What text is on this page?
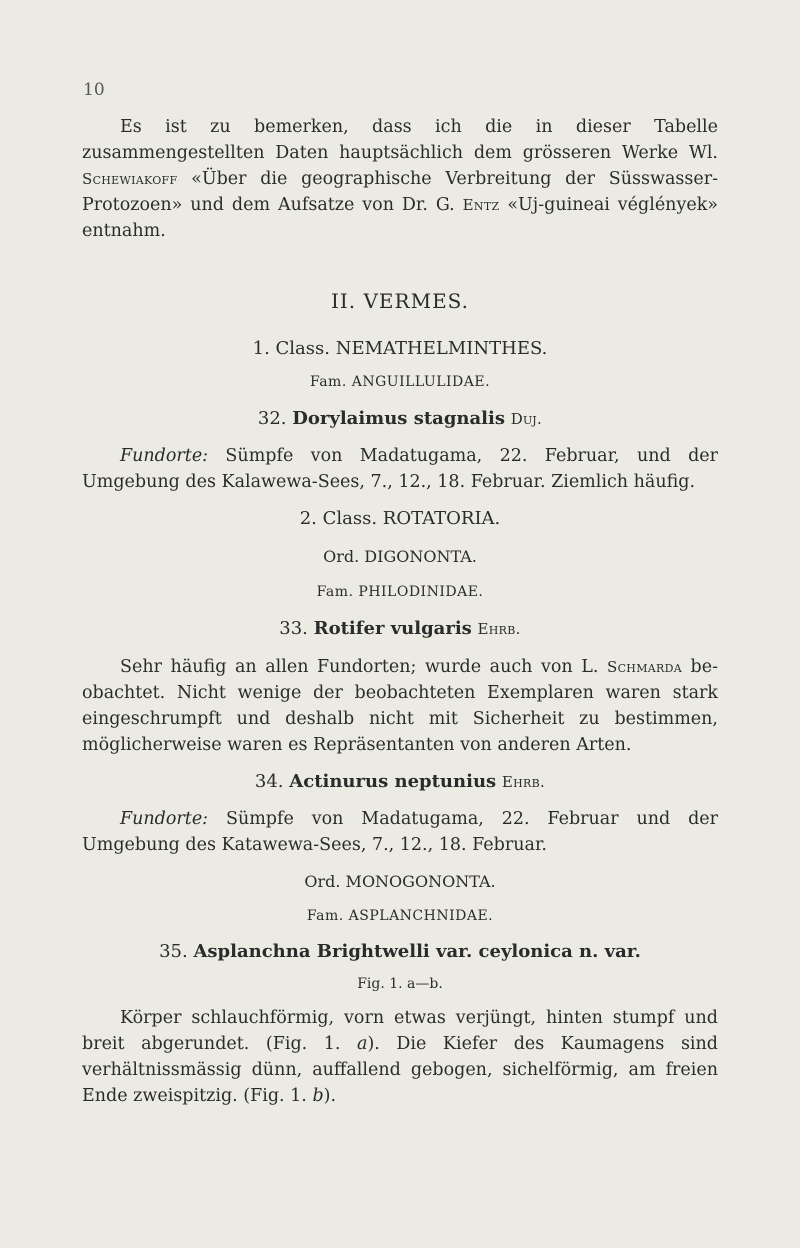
10

Es ist zu bemerken, dass ich die in dieser Tabelle zusammengestellten Daten hauptsächlich dem grösseren Werke Wl. Schewiakoff «Über die geographische Verbreitung der Süsswasser-Protozoen» und dem Aufsatze von Dr. G. Entz «Uj-guineai véglények» entnahm.

II. VERMES.

1. Class. NEMATHELMINTHES.

Fam. ANGUILLULIDAE.

32. Dorylaimus stagnalis Duj.

Fundorte: Sümpfe von Madatugama, 22. Februar, und der Umgebung des Kalawewa-Sees, 7., 12., 18. Februar. Ziemlich häufig.

2. Class. ROTATORIA.

Ord. DIGONONTA.

Fam. PHILODINIDAE.

33. Rotifer vulgaris Ehrb.

Sehr häufig an allen Fundorten; wurde auch von L. Schmarda beobachtet. Nicht wenige der beobachteten Exemplaren waren stark eingeschrumpft und deshalb nicht mit Sicherheit zu bestimmen, möglicherweise waren es Repräsentanten von anderen Arten.

34. Actinurus neptunius Ehrb.

Fundorte: Sümpfe von Madatugama, 22. Februar und der Umgebung des Katawewa-Sees, 7., 12., 18. Februar.

Ord. MONOGONONTA.

Fam. ASPLANCHNIDAE.

35. Asplanchna Brightwelli var. ceylonica n. var.

Fig. 1. a—b.

Körper schlauchförmig, vorn etwas verjüngt, hinten stumpf und breit abgerundet. (Fig. 1. a). Die Kiefer des Kaumagens sind verhältnissmässig dünn, auffallend gebogen, sichelförmig, am freien Ende zweispitzig. (Fig. 1. b).
